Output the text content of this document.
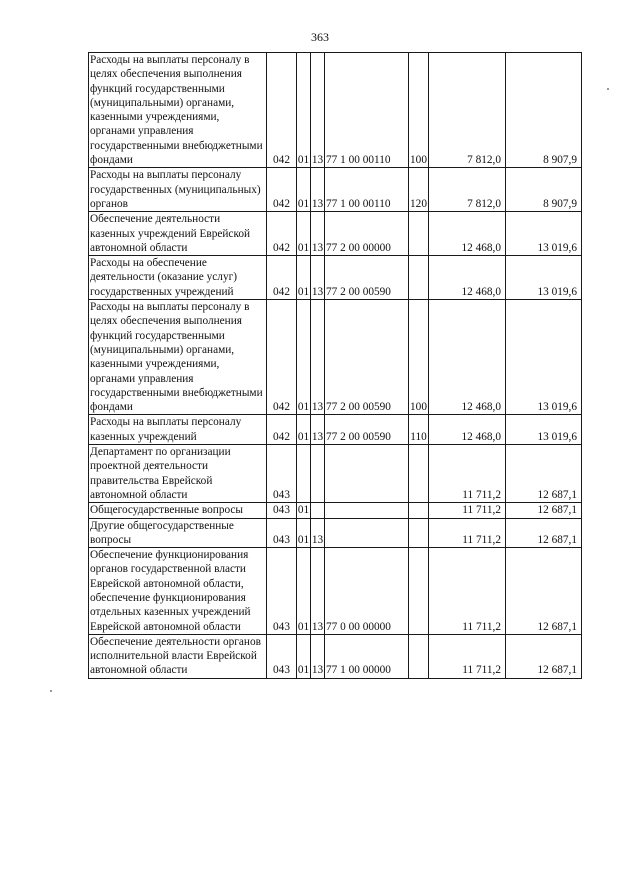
363
Расходы на выплаты персоналу в целях обеспечения выполнения функций государственными (муниципальными) органами, казенными учреждениями, органами управления государственными внебюджетными фондами	042	01	13	77 1 00 00110	100	7 812,0	8 907,9
Расходы на выплаты персоналу государственных (муниципальных) органов	042	01	13	77 1 00 00110	120	7 812,0	8 907,9
Обеспечение деятельности казенных учреждений Еврейской автономной области	042	01	13	77 2 00 00000		12 468,0	13 019,6
Расходы на обеспечение деятельности (оказание услуг) государственных учреждений	042	01	13	77 2 00 00590		12 468,0	13 019,6
Расходы на выплаты персоналу в целях обеспечения выполнения функций государственными (муниципальными) органами, казенными учреждениями, органами управления государственными внебюджетными фондами	042	01	13	77 2 00 00590	100	12 468,0	13 019,6
Расходы на выплаты персоналу казенных учреждений	042	01	13	77 2 00 00590	110	12 468,0	13 019,6
Департамент по организации проектной деятельности правительства Еврейской автономной области	043					11 711,2	12 687,1
Общегосударственные вопросы	043	01				11 711,2	12 687,1
Другие общегосударственные вопросы	043	01	13			11 711,2	12 687,1
Обеспечение функционирования органов государственной власти Еврейской автономной области, обеспечение функционирования отдельных казенных учреждений Еврейской автономной области	043	01	13	77 0 00 00000		11 711,2	12 687,1
Обеспечение деятельности органов исполнительной власти Еврейской автономной области	043	01	13	77 1 00 00000		11 711,2	12 687,1
